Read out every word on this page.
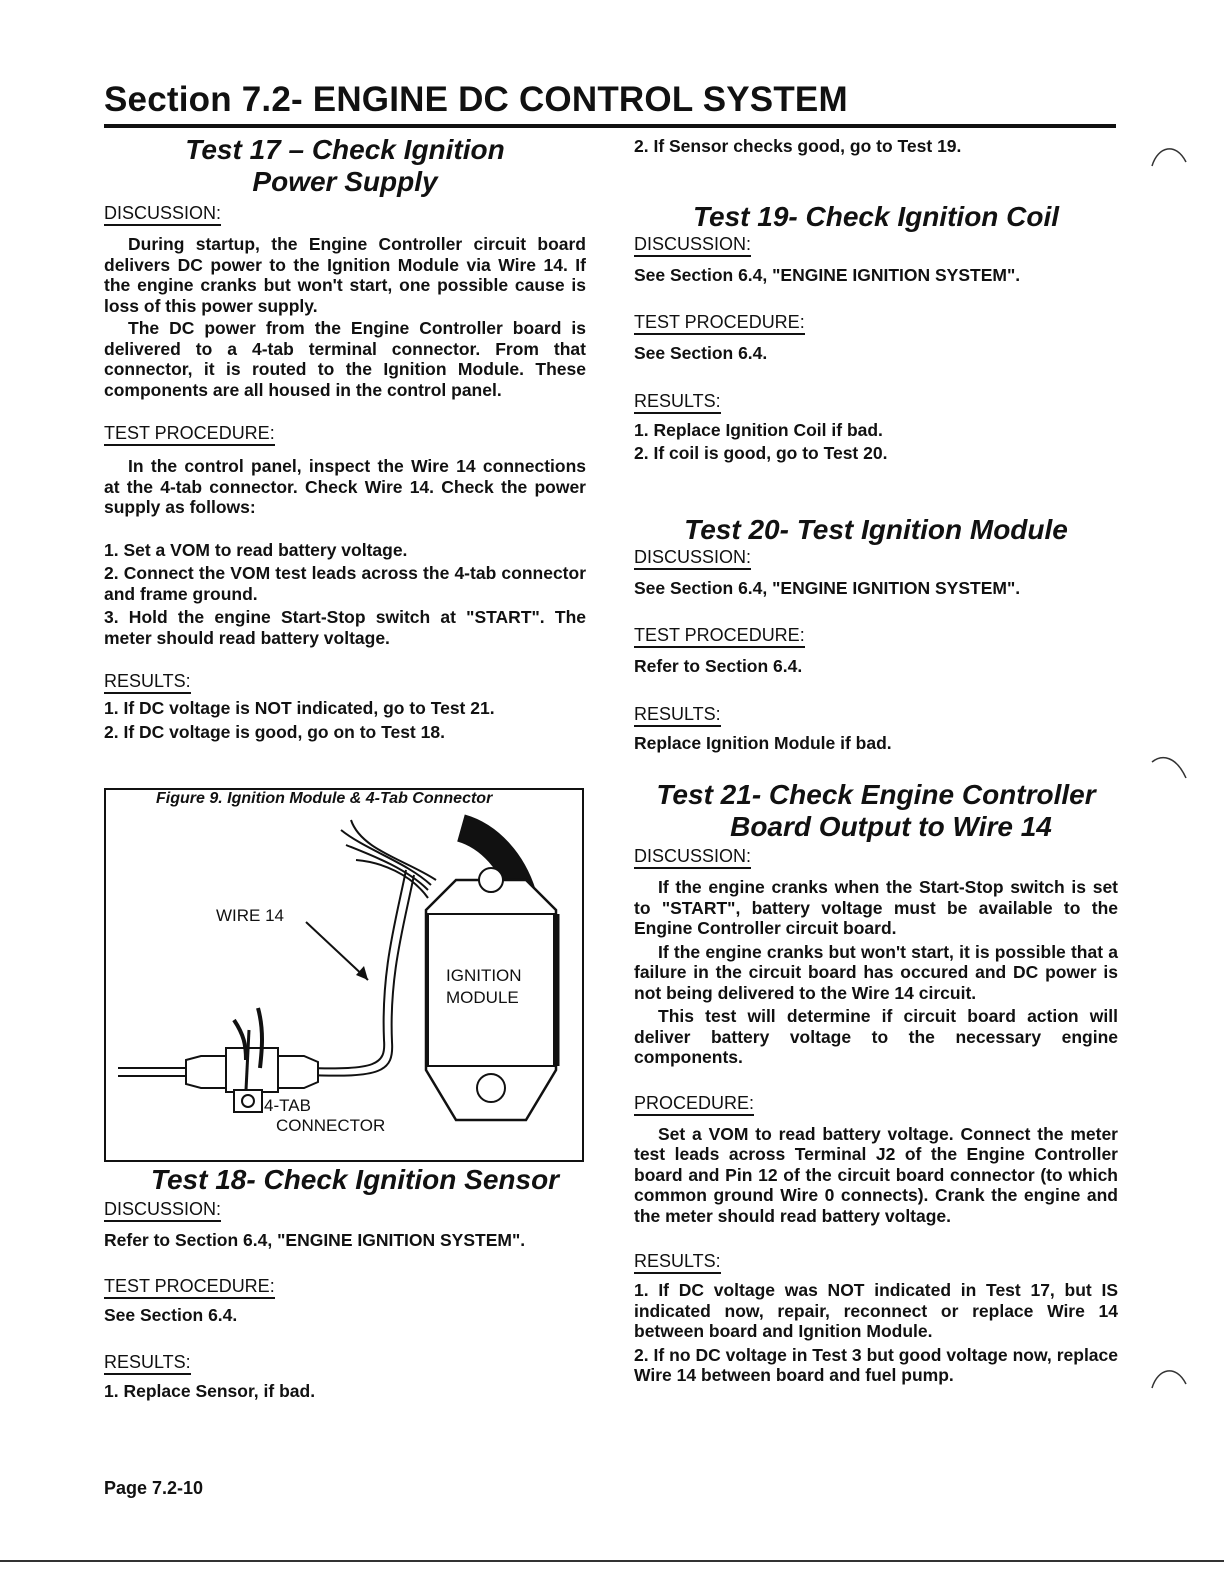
Section 7.2- ENGINE DC CONTROL SYSTEM

Test 17 – Check Ignition Power Supply

DISCUSSION:

During startup, the Engine Controller circuit board delivers DC power to the Ignition Module via Wire 14. If the engine cranks but won't start, one possible cause is loss of this power supply.

The DC power from the Engine Controller board is delivered to a 4-tab terminal connector. From that connector, it is routed to the Ignition Module. These components are all housed in the control panel.

TEST PROCEDURE:

In the control panel, inspect the Wire 14 connections at the 4-tab connector. Check Wire 14. Check the power supply as follows:

1. Set a VOM to read battery voltage.

2. Connect the VOM test leads across the 4-tab connector and frame ground.

3. Hold the engine Start-Stop switch at "START". The meter should read battery voltage.

RESULTS:

1. If DC voltage is NOT indicated, go to Test 21.

2. If DC voltage is good, go on to Test 18.

Figure 9. Ignition Module & 4-Tab Connector
WIRE 14
IGNITION
MODULE
4-TAB
CONNECTOR

Test 18- Check Ignition Sensor

DISCUSSION:

Refer to Section 6.4, "ENGINE IGNITION SYSTEM".

TEST PROCEDURE:

See Section 6.4.

RESULTS:

1. Replace Sensor, if bad.

2. If Sensor checks good, go to Test 19.

Test 19- Check Ignition Coil

DISCUSSION:

See Section 6.4, "ENGINE IGNITION SYSTEM".

TEST PROCEDURE:

See Section 6.4.

RESULTS:

1. Replace Ignition Coil if bad.

2. If coil is good, go to Test 20.

Test 20- Test Ignition Module

DISCUSSION:

See Section 6.4, "ENGINE IGNITION SYSTEM".

TEST PROCEDURE:

Refer to Section 6.4.

RESULTS:

Replace Ignition Module if bad.

Test 21- Check Engine Controller

Board Output to Wire 14

DISCUSSION:

If the engine cranks when the Start-Stop switch is set to "START", battery voltage must be available to the Engine Controller circuit board.

If the engine cranks but won't start, it is possible that a failure in the circuit board has occured and DC power is not being delivered to the Wire 14 circuit.

This test will determine if circuit board action will deliver battery voltage to the necessary engine components.

PROCEDURE:

Set a VOM to read battery voltage. Connect the meter test leads across Terminal J2 of the Engine Controller board and Pin 12 of the circuit board connector (to which common ground Wire 0 connects). Crank the engine and the meter should read battery voltage.

RESULTS:

1. If DC voltage was NOT indicated in Test 17, but IS indicated now, repair, reconnect or replace Wire 14 between board and Ignition Module.

2. If no DC voltage in Test 3 but good voltage now, replace Wire 14 between board and fuel pump.

Page 7.2-10
